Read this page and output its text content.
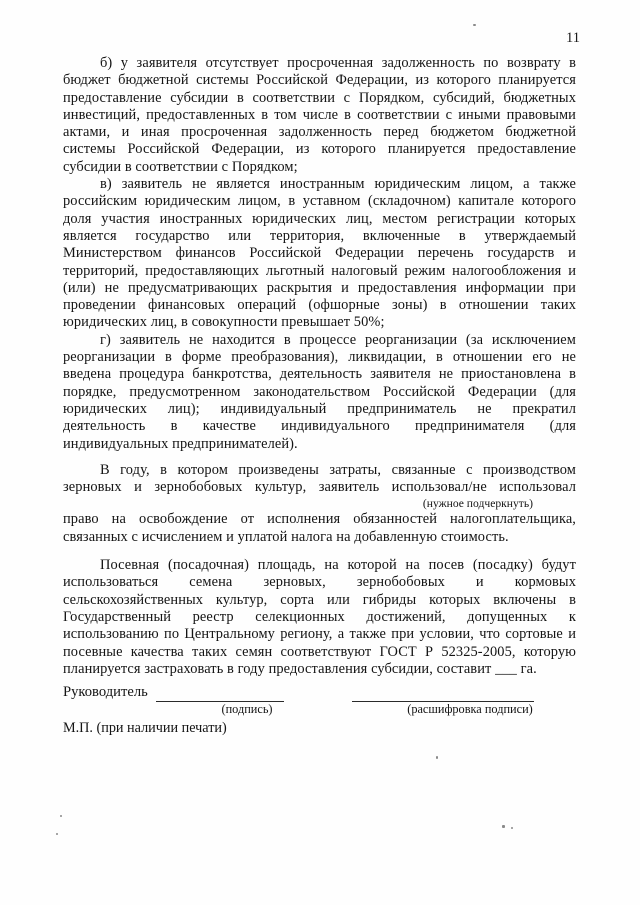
11

б) у заявителя отсутствует просроченная задолженность по возврату в бюджет бюджетной системы Российской Федерации, из которого планируется предоставление субсидии в соответствии с Порядком, субсидий, бюджетных инвестиций, предоставленных в том числе в соответствии с иными правовыми актами, и иная просроченная задолженность перед бюджетом бюджетной системы Российской Федерации, из которого планируется предоставление субсидии в соответствии с Порядком;

в) заявитель не является иностранным юридическим лицом, а также российским юридическим лицом, в уставном (складочном) капитале которого доля участия иностранных юридических лиц, местом регистрации которых является государство или территория, включенные в утверждаемый Министерством финансов Российской Федерации перечень государств и территорий, предоставляющих льготный налоговый режим налогообложения и (или) не предусматривающих раскрытия и предоставления информации при проведении финансовых операций (офшорные зоны) в отношении таких юридических лиц, в совокупности превышает 50%;

г) заявитель не находится в процессе реорганизации (за исключением реорганизации в форме преобразования), ликвидации, в отношении его не введена процедура банкротства, деятельность заявителя не приостановлена в порядке, предусмотренном законодательством Российской Федерации (для юридических лиц); индивидуальный предприниматель не прекратил деятельность в качестве индивидуального предпринимателя (для индивидуальных предпринимателей).

В году, в котором произведены затраты, связанные с производством зерновых и зернобобовых культур, заявитель использовал/не использовал

(нужное подчеркнуть)

право на освобождение от исполнения обязанностей налогоплательщика, связанных с исчислением и уплатой налога на добавленную стоимость.

Посевная (посадочная) площадь, на которой на посев (посадку) будут использоваться семена зерновых, зернобобовых и кормовых сельскохозяйственных культур, сорта или гибриды которых включены в Государственный реестр селекционных достижений, допущенных к использованию по Центральному региону, а также при условии, что сортовые и посевные качества таких семян соответствуют ГОСТ Р 52325-2005, которую планируется застраховать в году предоставления субсидии, составит ___ га.

Руководитель
(подпись)	(расшифровка подписи)
М.П. (при наличии печати)
